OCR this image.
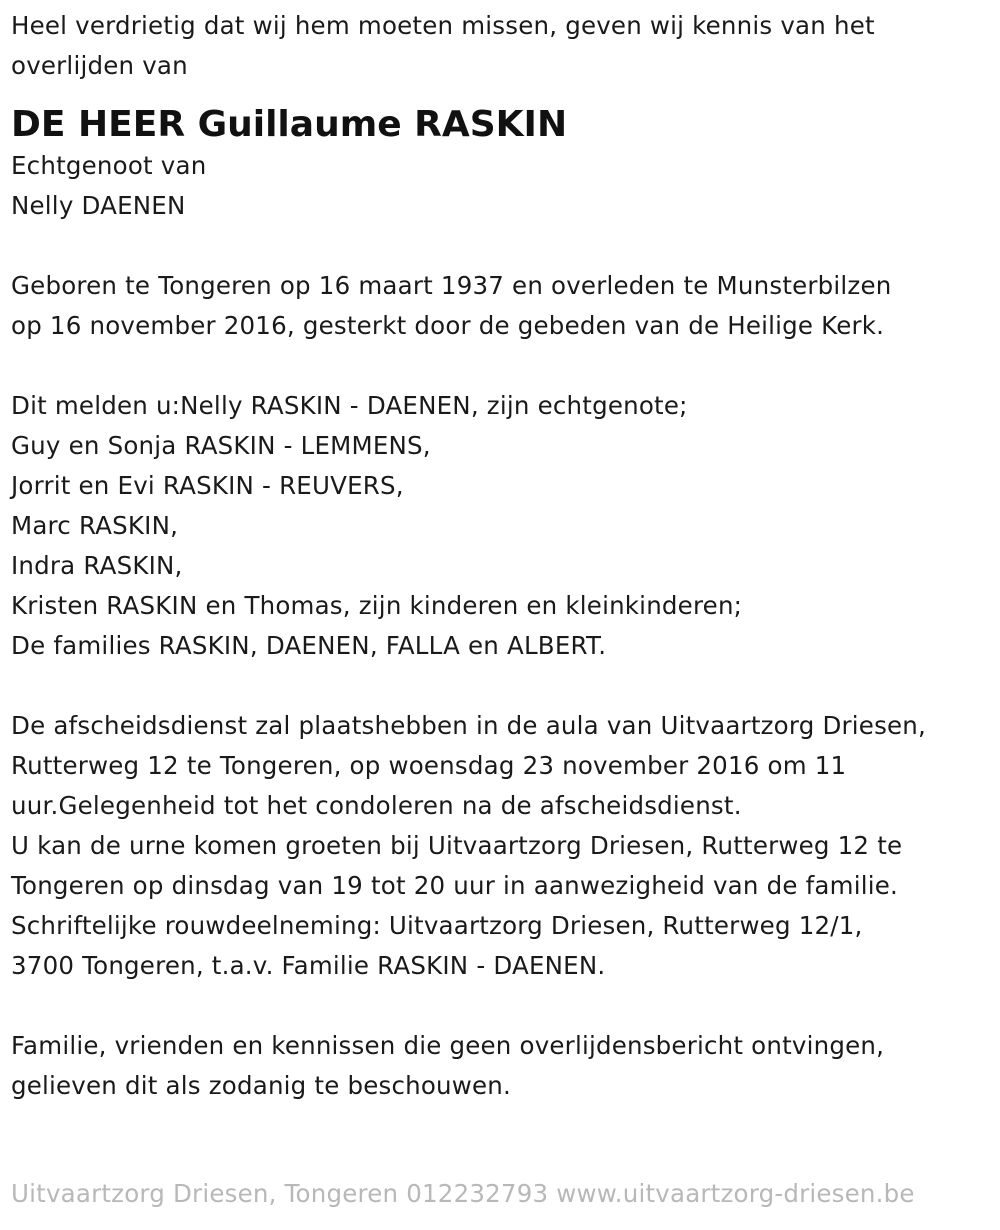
Heel verdrietig dat wij hem moeten missen, geven wij kennis van het
overlijden van
DE HEER Guillaume RASKIN
Echtgenoot van
Nelly DAENEN
Geboren te Tongeren op 16 maart 1937 en overleden te Munsterbilzen
op 16 november 2016, gesterkt door de gebeden van de Heilige Kerk.
Dit melden u:Nelly RASKIN - DAENEN, zijn echtgenote;
Guy en Sonja RASKIN - LEMMENS,
Jorrit en Evi RASKIN - REUVERS,
Marc RASKIN,
Indra RASKIN,
Kristen RASKIN en Thomas, zijn kinderen en kleinkinderen;
De families RASKIN, DAENEN, FALLA en ALBERT.
De afscheidsdienst zal plaatshebben in de aula van Uitvaartzorg Driesen,
Rutterweg 12 te Tongeren, op woensdag 23 november 2016 om 11
uur.Gelegenheid tot het condoleren na de afscheidsdienst.
U kan de urne komen groeten bij Uitvaartzorg Driesen, Rutterweg 12 te
Tongeren op dinsdag van 19 tot 20 uur in aanwezigheid van de familie.
Schriftelijke rouwdeelneming: Uitvaartzorg Driesen, Rutterweg 12/1,
3700 Tongeren, t.a.v. Familie RASKIN - DAENEN.
Familie, vrienden en kennissen die geen overlijdensbericht ontvingen,
gelieven dit als zodanig te beschouwen.
Uitvaartzorg Driesen, Tongeren 012232793 www.uitvaartzorg-driesen.be
